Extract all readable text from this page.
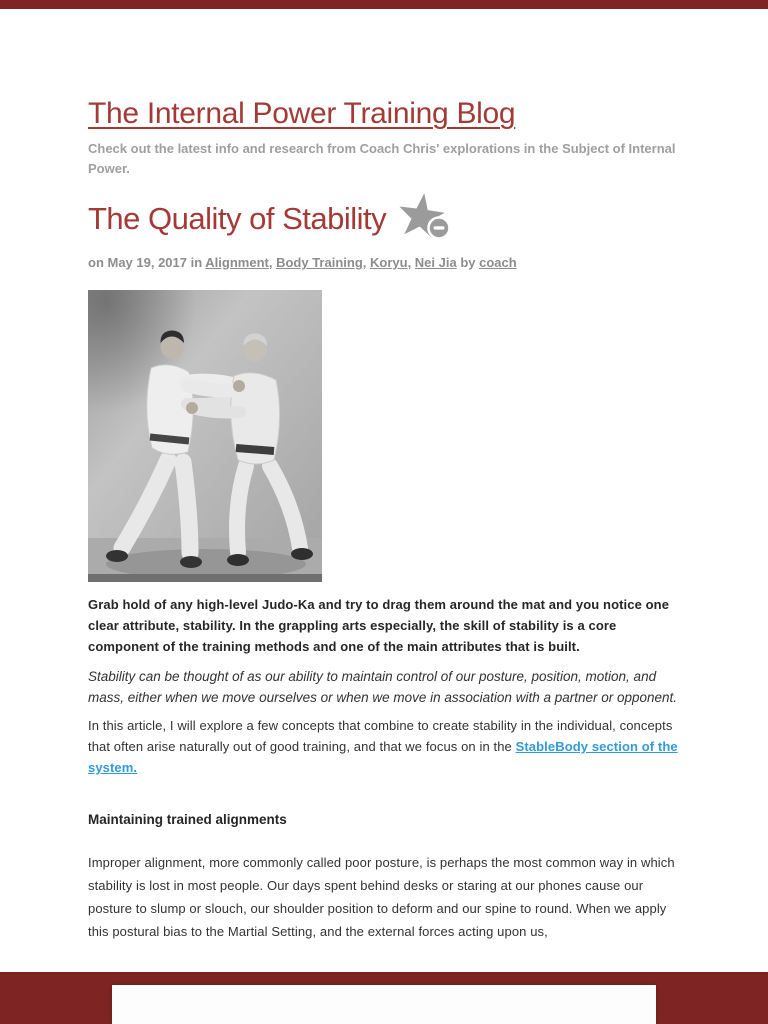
The Internal Power Training Blog
Check out the latest info and research from Coach Chris' explorations in the Subject of Internal Power.
The Quality of Stability
on May 19, 2017 in Alignment, Body Training, Koryu, Nei Jia by coach

Grab hold of any high-level Judo-Ka and try to drag them around the mat and you notice one clear attribute, stability. In the grappling arts especially, the skill of stability is a core component of the training methods and one of the main attributes that is built.

Stability can be thought of as our ability to maintain control of our posture, position, motion, and mass, either when we move ourselves or when we move in association with a partner or opponent.

In this article, I will explore a few concepts that combine to create stability in the individual, concepts that often arise naturally out of good training, and that we focus on in the StableBody section of the system.

Maintaining trained alignments

Improper alignment, more commonly called poor posture, is perhaps the most common way in which stability is lost in most people. Our days spent behind desks or staring at our phones cause our posture to slump or slouch, our shoulder position to deform and our spine to round. When we apply this postural bias to the Martial Setting, and the external forces acting upon us,
